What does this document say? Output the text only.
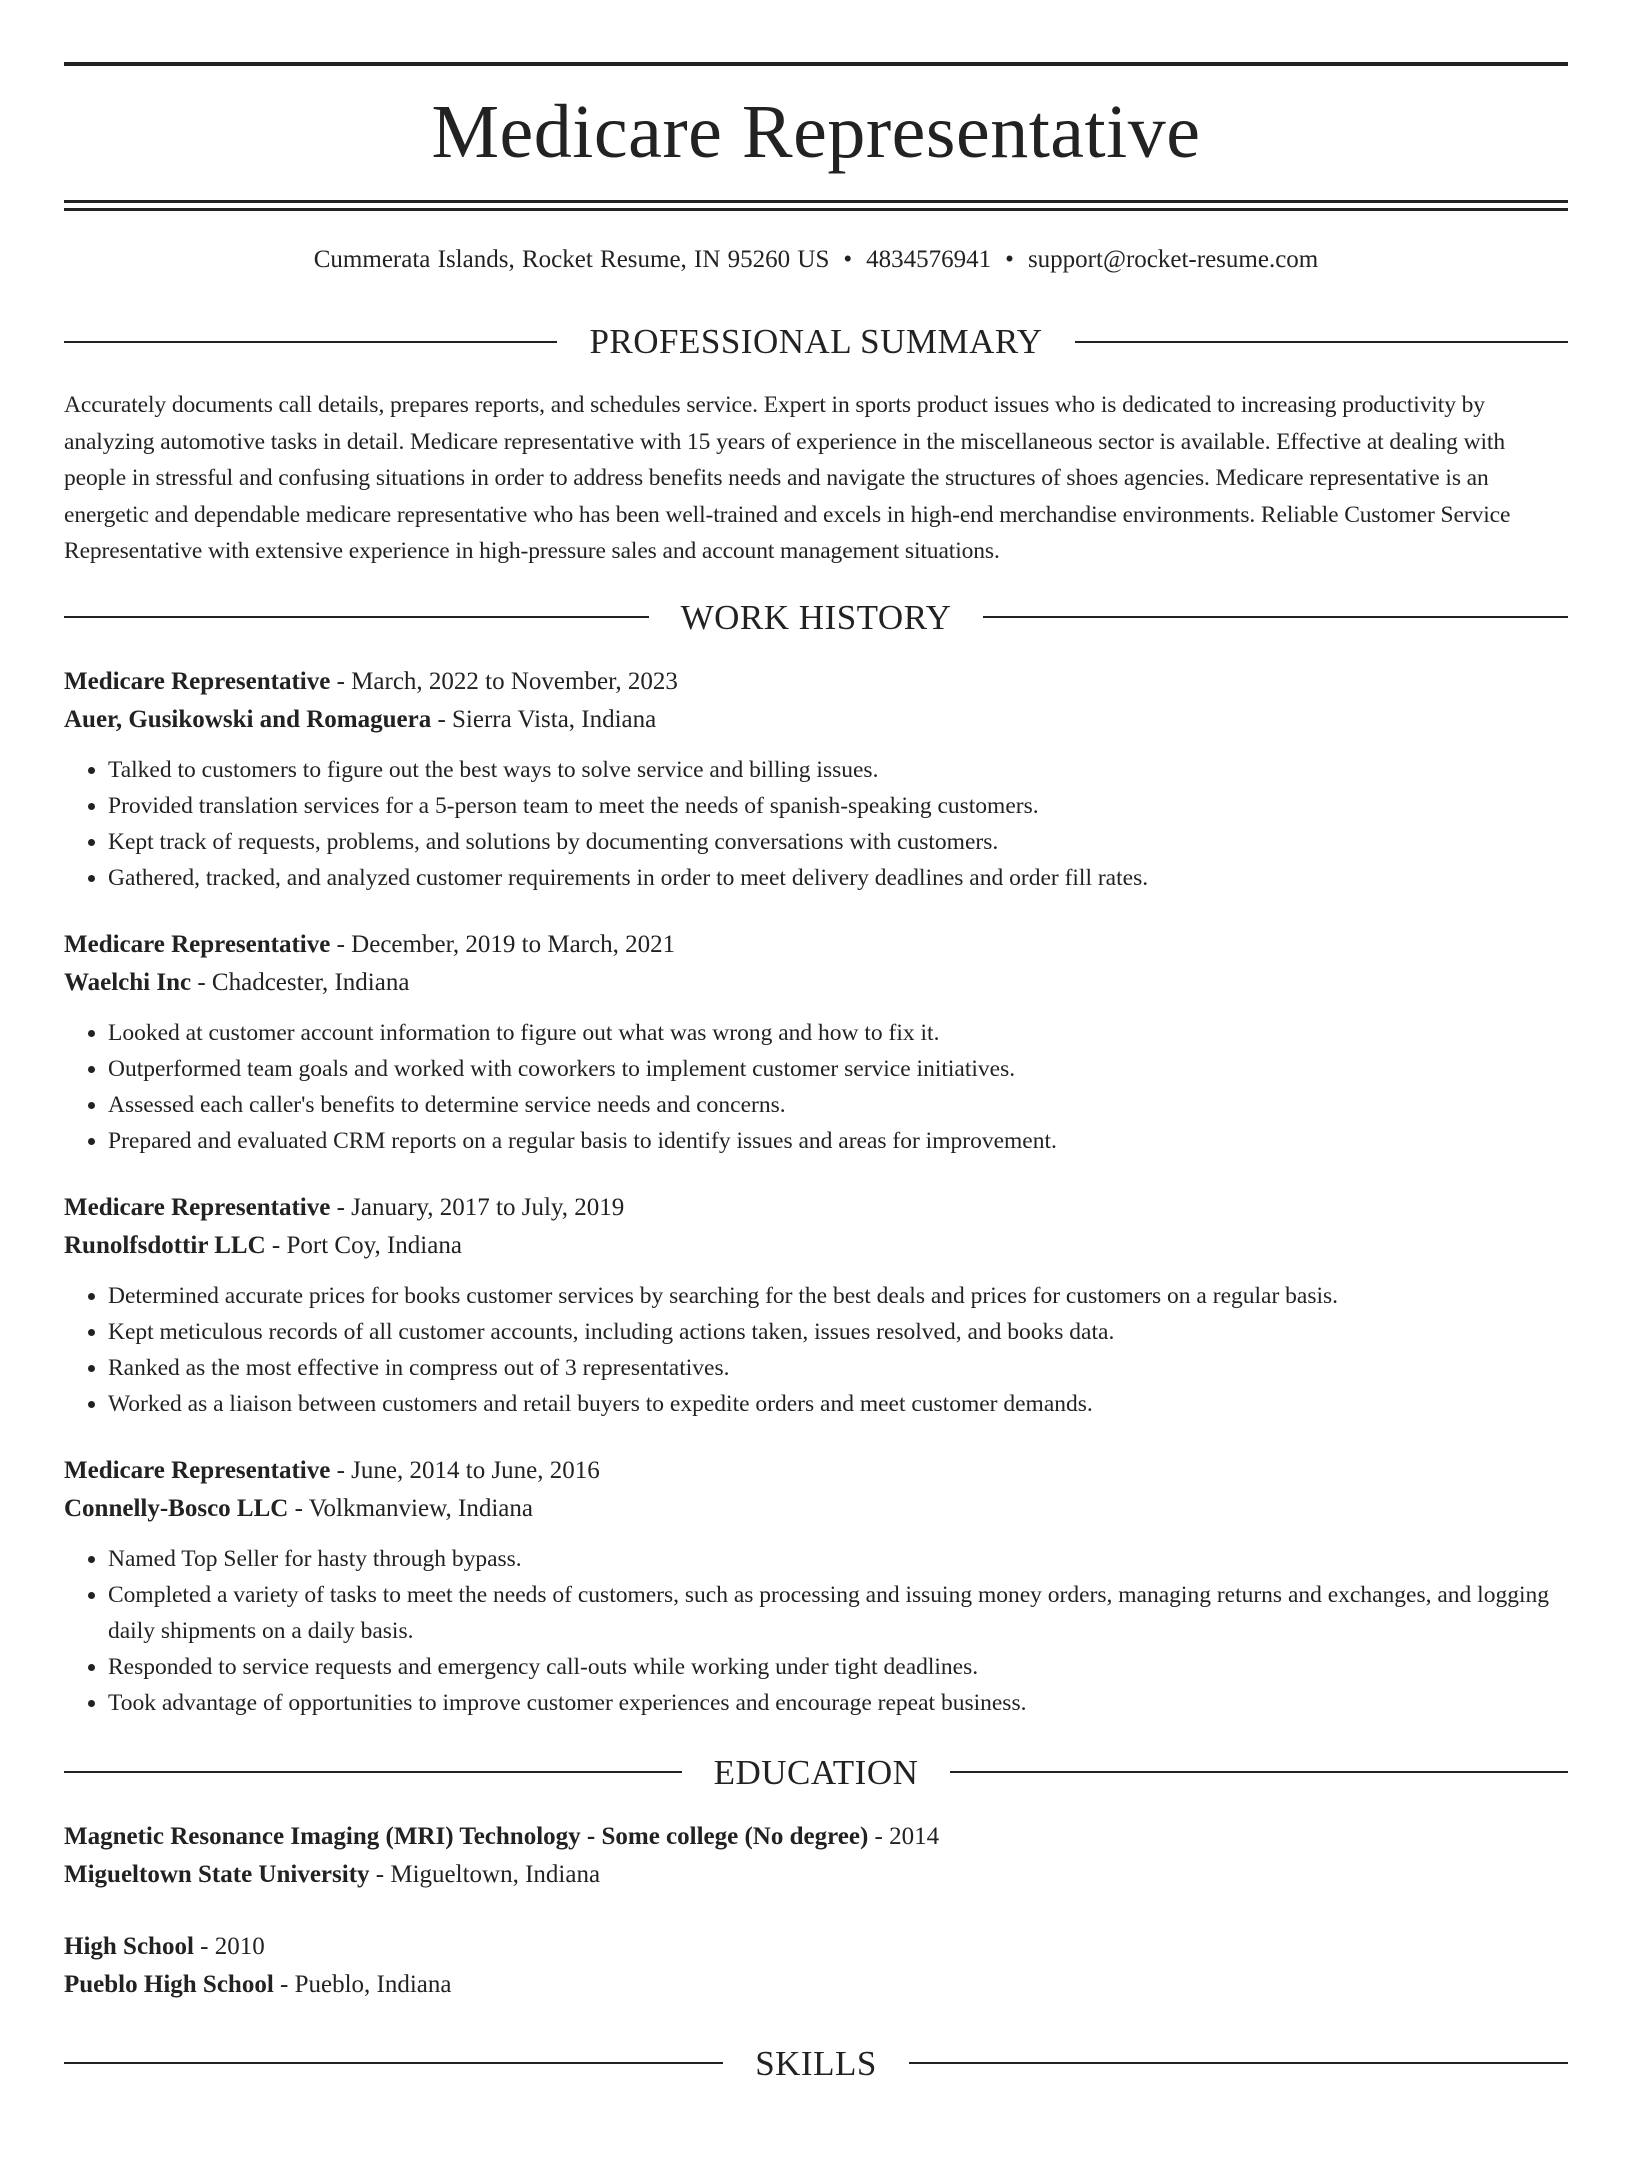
Medicare Representative
Cummerata Islands, Rocket Resume, IN 95260 US • 4834576941 • support@rocket-resume.com
PROFESSIONAL SUMMARY

Accurately documents call details, prepares reports, and schedules service. Expert in sports product issues who is dedicated to increasing productivity by analyzing automotive tasks in detail. Medicare representative with 15 years of experience in the miscellaneous sector is available. Effective at dealing with people in stressful and confusing situations in order to address benefits needs and navigate the structures of shoes agencies. Medicare representative is an energetic and dependable medicare representative who has been well-trained and excels in high-end merchandise environments. Reliable Customer Service Representative with extensive experience in high-pressure sales and account management situations.

WORK HISTORY

Medicare Representative - March, 2022 to November, 2023

Auer, Gusikowski and Romaguera - Sierra Vista, Indiana

• Talked to customers to figure out the best ways to solve service and billing issues.
• Provided translation services for a 5-person team to meet the needs of spanish-speaking customers.
• Kept track of requests, problems, and solutions by documenting conversations with customers.
• Gathered, tracked, and analyzed customer requirements in order to meet delivery deadlines and order fill rates.

Medicare Representative - December, 2019 to March, 2021

Waelchi Inc - Chadcester, Indiana

• Looked at customer account information to figure out what was wrong and how to fix it.
• Outperformed team goals and worked with coworkers to implement customer service initiatives.
• Assessed each caller's benefits to determine service needs and concerns.
• Prepared and evaluated CRM reports on a regular basis to identify issues and areas for improvement.

Medicare Representative - January, 2017 to July, 2019

Runolfsdottir LLC - Port Coy, Indiana

• Determined accurate prices for books customer services by searching for the best deals and prices for customers on a regular basis.
• Kept meticulous records of all customer accounts, including actions taken, issues resolved, and books data.
• Ranked as the most effective in compress out of 3 representatives.
• Worked as a liaison between customers and retail buyers to expedite orders and meet customer demands.

Medicare Representative - June, 2014 to June, 2016

Connelly-Bosco LLC - Volkmanview, Indiana

• Named Top Seller for hasty through bypass.
• Completed a variety of tasks to meet the needs of customers, such as processing and issuing money orders, managing returns and exchanges, and logging daily shipments on a daily basis.
• Responded to service requests and emergency call-outs while working under tight deadlines.
• Took advantage of opportunities to improve customer experiences and encourage repeat business.
EDUCATION

Magnetic Resonance Imaging (MRI) Technology - Some college (No degree) - 2014

Migueltown State University - Migueltown, Indiana

High School - 2010

Pueblo High School - Pueblo, Indiana

SKILLS
